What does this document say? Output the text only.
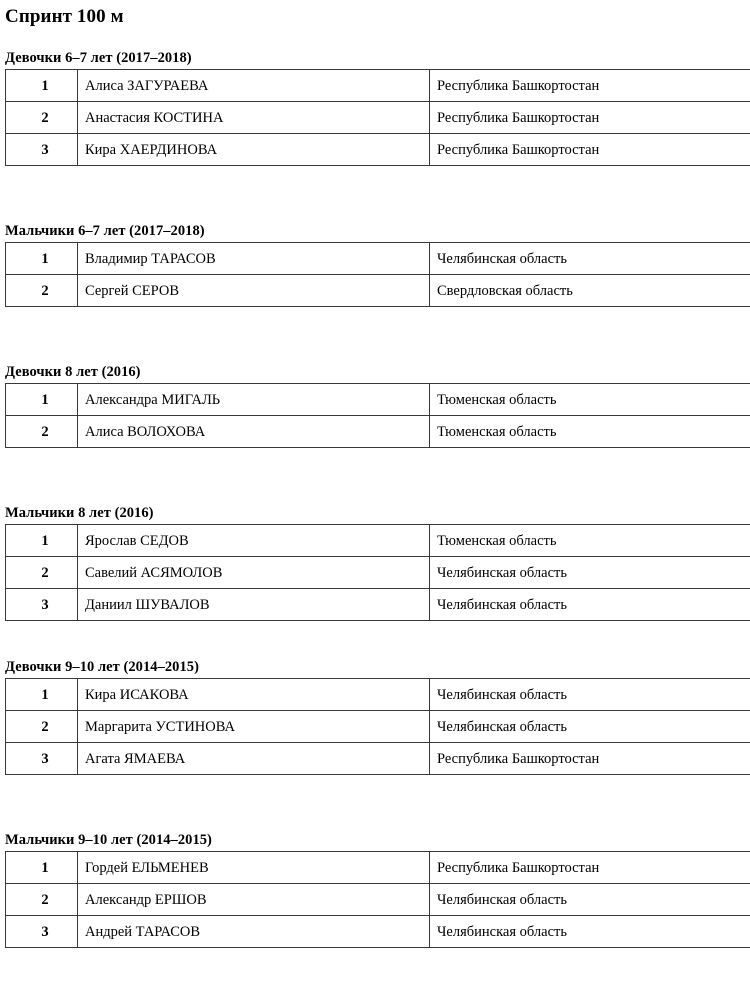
Спринт 100 м
Девочки 6–7 лет (2017–2018)
1	Алиса ЗАГУРАЕВА	Республика Башкортостан
2	Анастасия КОСТИНА	Республика Башкортостан
3	Кира ХАЕРДИНОВА	Республика Башкортостан
Мальчики 6–7 лет (2017–2018)
1	Владимир ТАРАСОВ	Челябинская область
2	Сергей СЕРОВ	Свердловская область
Девочки 8 лет (2016)
1	Александра МИГАЛЬ	Тюменская область
2	Алиса ВОЛОХОВА	Тюменская область
Мальчики 8 лет (2016)
1	Ярослав СЕДОВ	Тюменская область
2	Савелий АСЯМОЛОВ	Челябинская область
3	Даниил ШУВАЛОВ	Челябинская область
Девочки 9–10 лет (2014–2015)
1	Кира ИСАКОВА	Челябинская область
2	Маргарита УСТИНОВА	Челябинская область
3	Агата ЯМАЕВА	Республика Башкортостан
Мальчики 9–10 лет (2014–2015)
1	Гордей ЕЛЬМЕНЕВ	Республика Башкортостан
2	Александр ЕРШОВ	Челябинская область
3	Андрей ТАРАСОВ	Челябинская область
